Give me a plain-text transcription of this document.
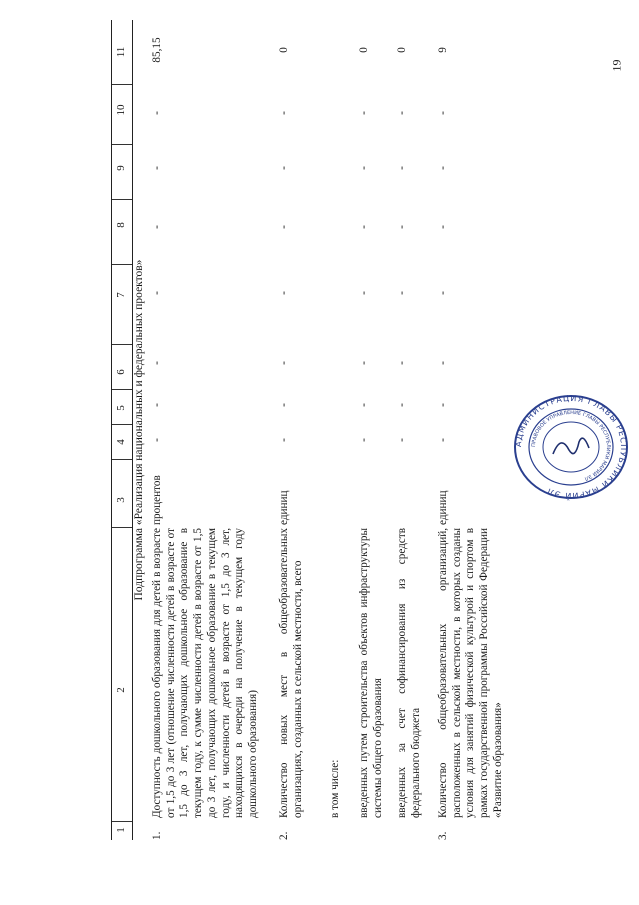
19
1
2
3
4
5
6
7
8
9
10
11
Подпрограмма «Реализация национальных и федеральных проектов»
1.
Доступность дошкольного образования для детей в возрасте от 1,5 до 3 лет (отношение численности детей в возрасте от 1,5 до 3 лет, получающих дошкольное образование в текущем году, к сумме численности детей в возрасте от 1,5 до 3 лет, получающих дошкольное образование в текущем году, и численности детей в возрасте от 1,5 до 3 лет, находящихся в очереди на получение в текущем году дошкольного образования)
процентов
-
-
-
-
-
-
-
85,15
2.
Количество новых мест в общеобразовательных организациях, созданных в сельской местности, всего
единиц
-
-
-
-
-
-
-
0
в том числе: введенных путем строительства объектов инфраструктуры системы общего образования
-
-
-
-
-
-
-
0
введенных за счет софинансирования из средств федерального бюджета
-
-
-
-
-
-
-
0
3.
Количество общеобразовательных организаций, расположенных в сельской местности, в которых созданы условия для занятий физической культурой и спортом в рамках государственной программы Российской Федерации «Развитие образования»
единиц
-
-
-
-
-
-
-
9
АДМИНИСТРАЦИЯ ГЛАВЫ РЕСПУБЛИКИ МАРИЙ ЭЛ
ПРАВОВОЕ УПРАВЛЕНИЕ ГЛАВЫ РЕСПУБЛИКИ МАРИЙ ЭЛ
